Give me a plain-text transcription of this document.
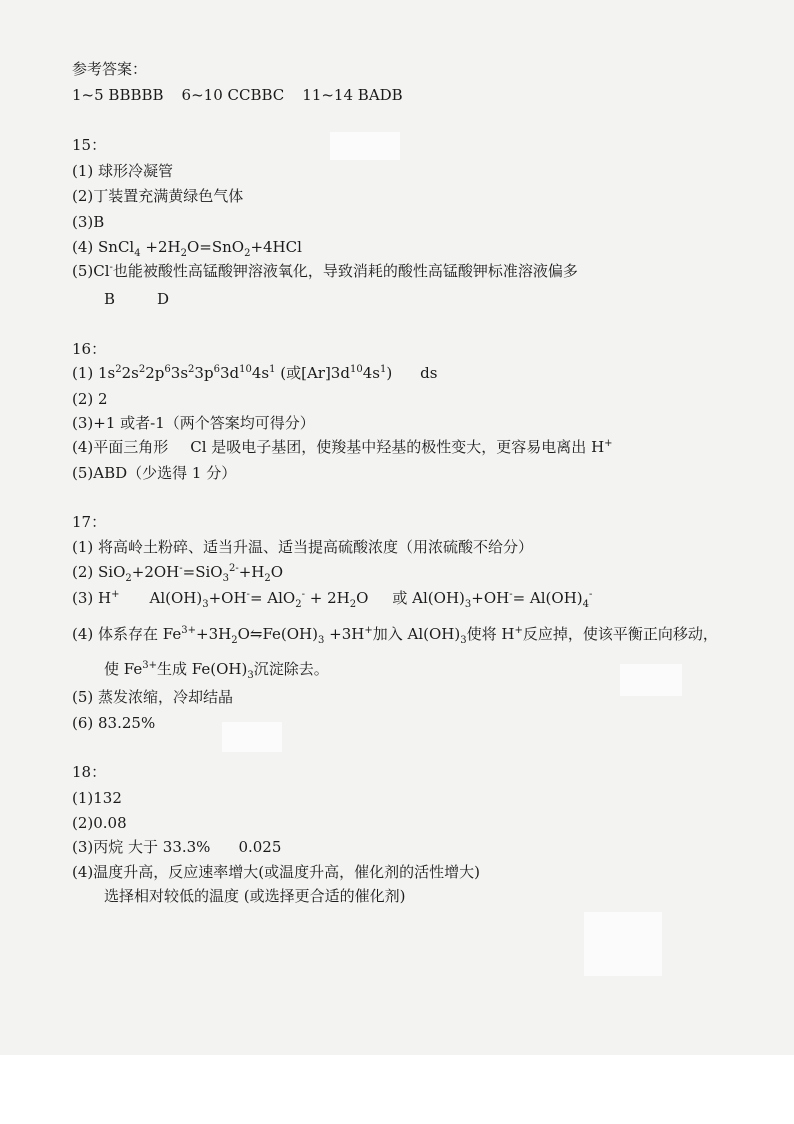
参考答案：
1~5 BBBBB 6~10 CCBBC 11~14 BADB
15：
(1) 球形冷凝管
(2)丁装置充满黄绿色气体
(3)B
(4) SnCl$_4$ $+2H_2O=SnO_2+4HCl$
(5)Cl-也能被酸性高锰酸钾溶液氧化，导致消耗的酸性高锰酸钾标准溶液偏多
B	D
16：
(1) $1s^22s^22p^63s^23p^63d^{10}4s^1$ (或$[Ar]3d^{10}4s^1$) ds
(2) 2
(3)+1 或者-1（两个答案均可得分）
(4)平面三角形 Cl 是吸电子基团，使羧基中羟基的极性变大，更容易电离出 H+
(5)ABD（少选得 1 分）
17：
(1) 将高岭土粉碎、适当升温、适当提高硫酸浓度（用浓硫酸不给分）
(2) $SiO_2+2OH^-=SiO_3^{2-}+H_2O$
(3) H+ $Al(OH)_3+OH^-= AlO_2^- + 2H_2O$ 或 $Al(OH)_3+OH^-= Al(OH)_4^-$
(4) 体系存在 $Fe^{3+}+3H_2O⇋Fe(OH)_3 +3H^+$加入 $Al(OH)_3$使将 H+反应掉，使该平衡正向移动，
使 $Fe^{3+}$生成 $Fe(OH)_3$沉淀除去。
(5) 蒸发浓缩，冷却结晶
(6) 83.25%
18：
(1)132
(2)0.08
(3)丙烷 大于 33.3% 0.025
(4)温度升高，反应速率增大(或温度升高，催化剂的活性增大)
选择相对较低的温度 (或选择更合适的催化剂)
